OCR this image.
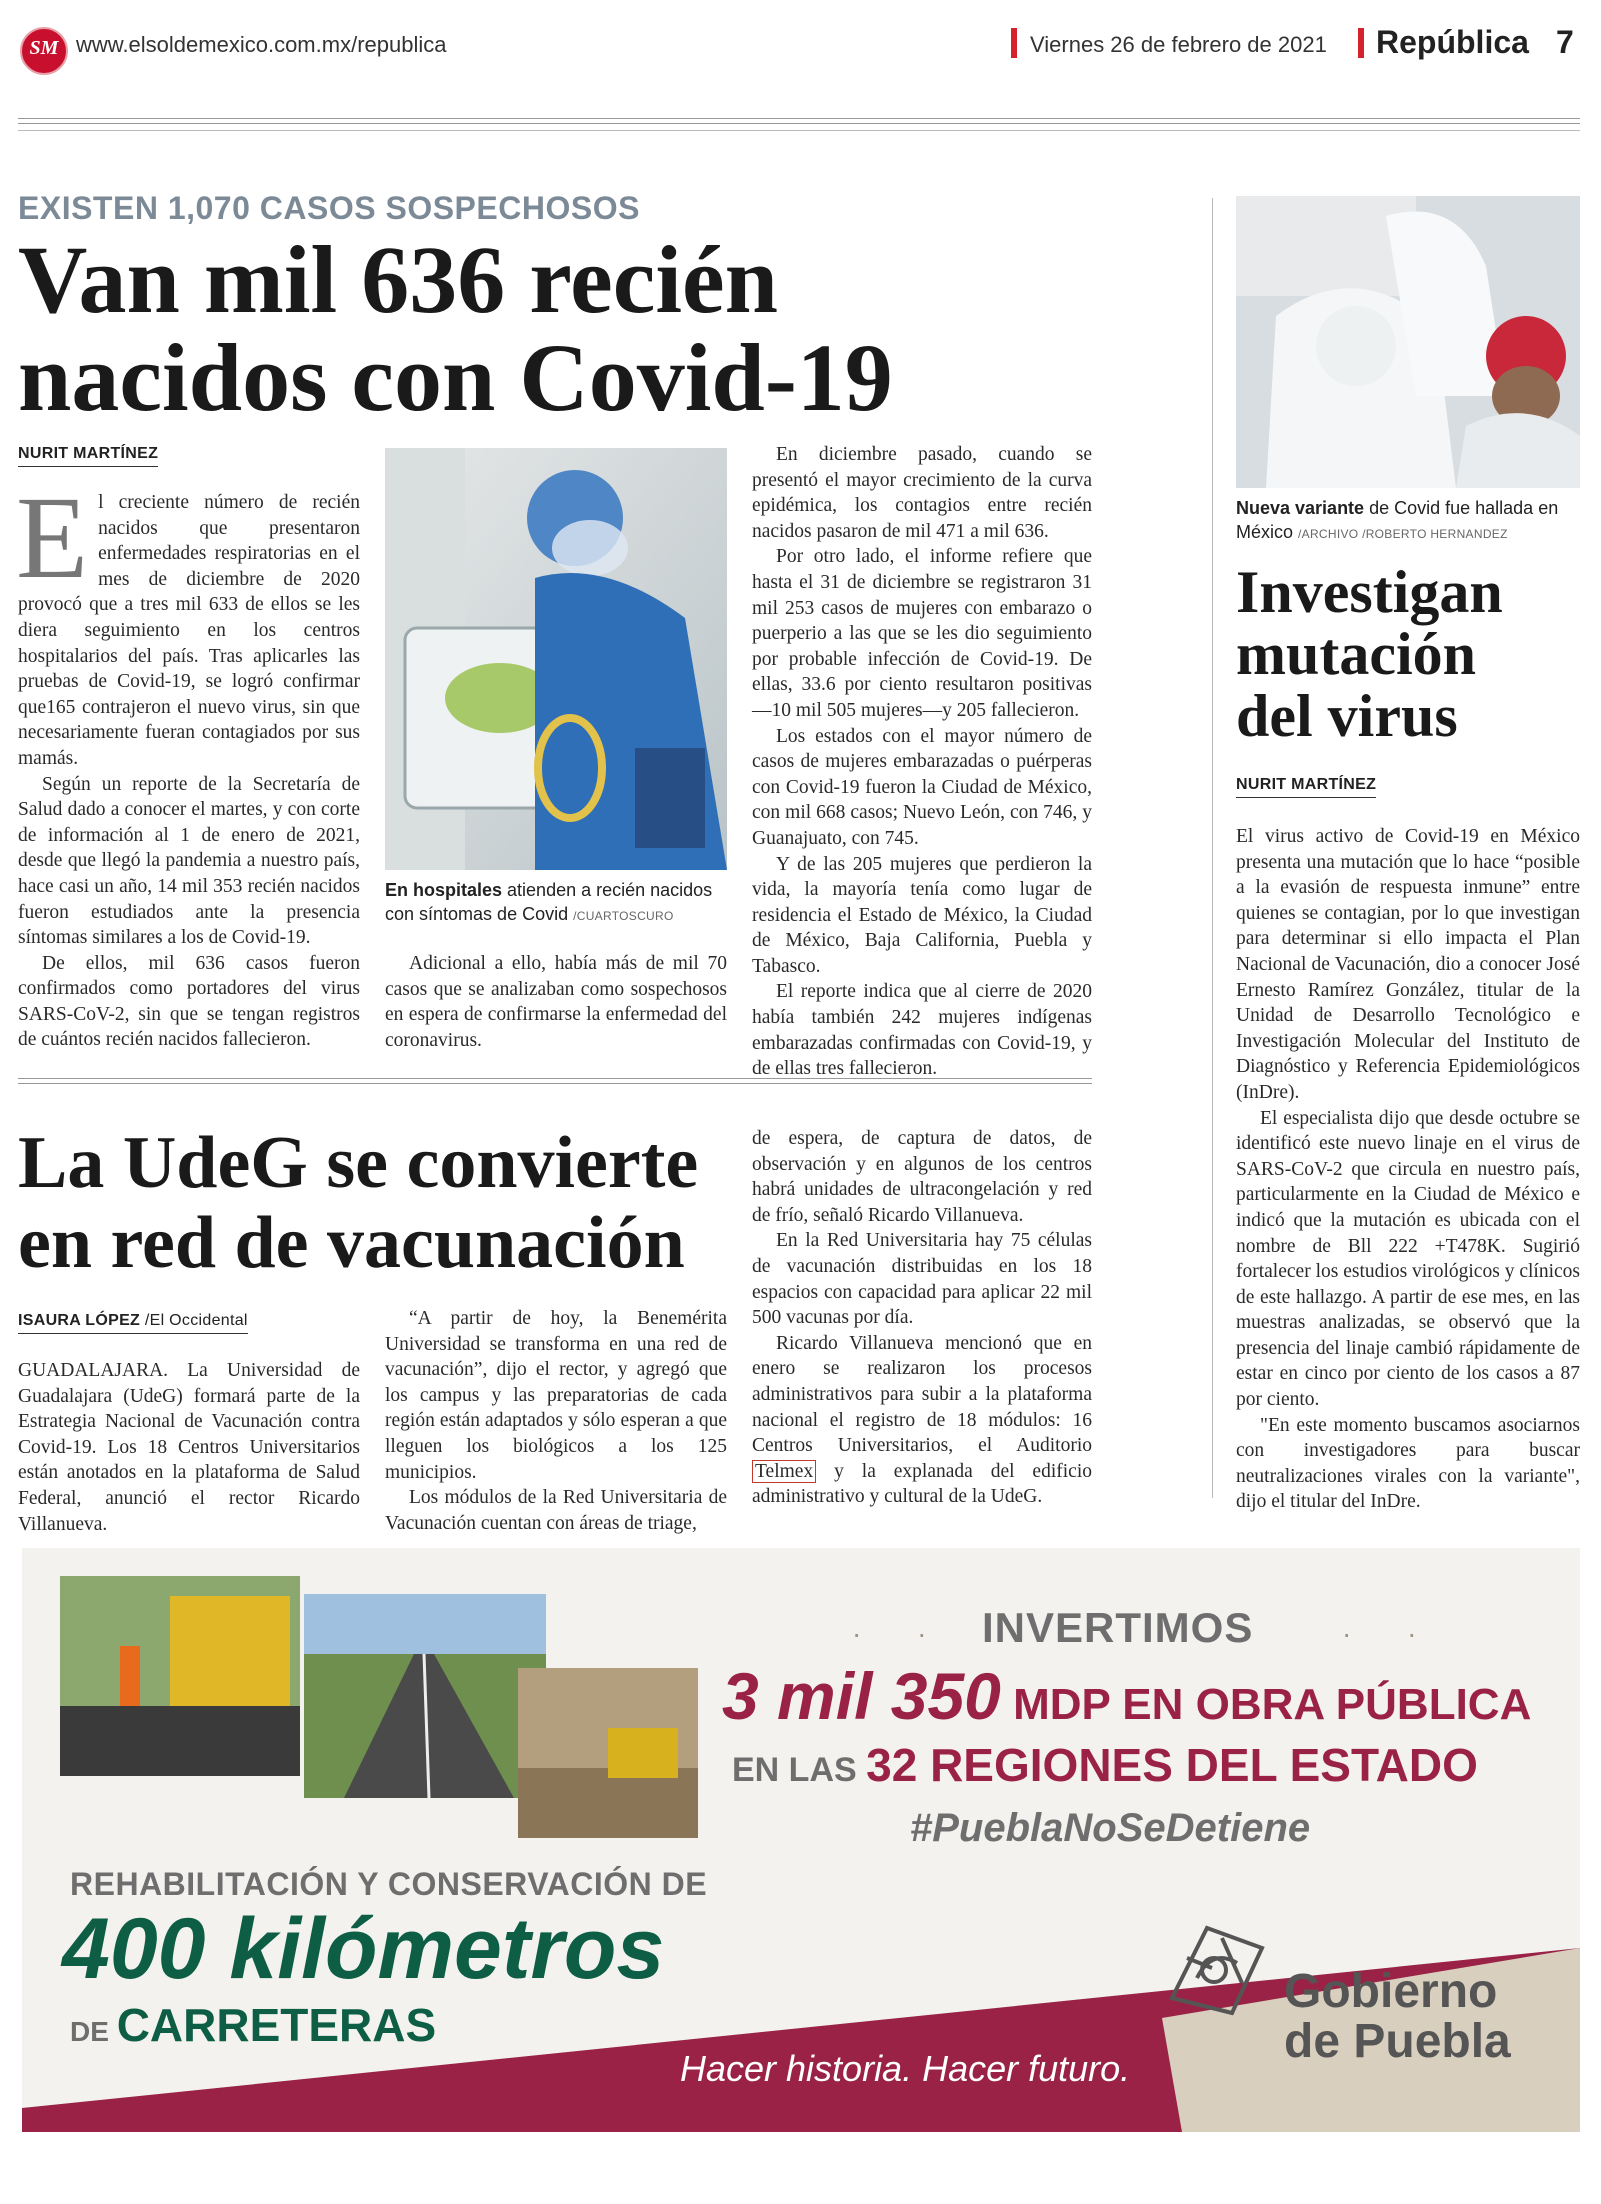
SM www.elsoldemexico.com.mx/republica	Viernes 26 de febrero de 2021 República 7
EXISTEN 1,070 CASOS SOSPECHOSOS
Van mil 636 recién
nacidos con Covid-19
NURIT MARTÍNEZ
E l creciente número de recién nacidos que presentaron enfermedades respiratorias en el mes de diciembre de 2020 provocó que a tres mil 633 de ellos se les diera seguimiento en los centros hospitalarios del país. Tras aplicarles las pruebas de Covid-19, se logró confirmar que165 contrajeron el nuevo virus, sin que necesariamente fueran contagiados por sus mamás.

Según un reporte de la Secretaría de Salud dado a conocer el martes, y con corte de información al 1 de enero de 2021, desde que llegó la pandemia a nuestro país, hace casi un año, 14 mil 353 recién nacidos fueron estudiados ante la presencia síntomas similares a los de Covid-19.

De ellos, mil 636 casos fueron confirmados como portadores del virus SARS-CoV-2, sin que se tengan registros de cuántos recién nacidos fallecieron.

En hospitales atienden a recién nacidos con síntomas de Covid /CUARTOSCURO

Adicional a ello, había más de mil 70 casos que se analizaban como sospechosos en espera de confirmarse la enfermedad del coronavirus.

En diciembre pasado, cuando se presentó el mayor crecimiento de la curva epidémica, los contagios entre recién nacidos pasaron de mil 471 a mil 636.

Por otro lado, el informe refiere que hasta el 31 de diciembre se registraron 31 mil 253 casos de mujeres con embarazo o puerperio a las que se les dio seguimiento por probable infección de Covid-19. De ellas, 33.6 por ciento resultaron positivas —10 mil 505 mujeres—y 205 fallecieron.

Los estados con el mayor número de casos de mujeres embarazadas o puérperas con Covid-19 fueron la Ciudad de México, con mil 668 casos; Nuevo León, con 746, y Guanajuato, con 745.

Y de las 205 mujeres que perdieron la vida, la mayoría tenía como lugar de residencia el Estado de México, la Ciudad de México, Baja California, Puebla y Tabasco.

El reporte indica que al cierre de 2020 había también 242 mujeres indígenas embarazadas confirmadas con Covid-19, y de ellas tres fallecieron.

La UdeG se convierte
en red de vacunación
ISAURA LÓPEZ /El Occidental

GUADALAJARA. La Universidad de Guadalajara (UdeG) formará parte de la Estrategia Nacional de Vacunación contra Covid-19. Los 18 Centros Universitarios están anotados en la plataforma de Salud Federal, anunció el rector Ricardo Villanueva.

“A partir de hoy, la Benemérita Universidad se transforma en una red de vacunación”, dijo el rector, y agregó que los campus y las preparatorias de cada región están adaptados y sólo esperan a que lleguen los biológicos a los 125 municipios.

Los módulos de la Red Universitaria de Vacunación cuentan con áreas de triage,

de espera, de captura de datos, de observación y en algunos de los centros habrá unidades de ultracongelación y red de frío, señaló Ricardo Villanueva.

En la Red Universitaria hay 75 células de vacunación distribuidas en los 18 espacios con capacidad para aplicar 22 mil 500 vacunas por día.

Ricardo Villanueva mencionó que en enero se realizaron los procesos administrativos para subir a la plataforma nacional el registro de 18 módulos: 16 Centros Universitarios, el Auditorio Telmex y la explanada del edificio administrativo y cultural de la UdeG.

Nueva variante de Covid fue hallada en México /ARCHIVO /ROBERTO HERNANDEZ
Investigan
mutación
del virus
NURIT MARTÍNEZ

El virus activo de Covid-19 en México presenta una mutación que lo hace “posible a la evasión de respuesta inmune” entre quienes se contagian, por lo que investigan para determinar si ello impacta el Plan Nacional de Vacunación, dio a conocer José Ernesto Ramírez González, titular de la Unidad de Desarrollo Tecnológico e Investigación Molecular del Instituto de Diagnóstico y Referencia Epidemiológicos (InDre).

El especialista dijo que desde octubre se identificó este nuevo linaje en el virus de SARS-CoV-2 que circula en nuestro país, particularmente en la Ciudad de México e indicó que la mutación es ubicada con el nombre de Bll 222 +T478K. Sugirió fortalecer los estudios virológicos y clínicos de este hallazgo. A partir de ese mes, en las muestras analizadas, se observó que la presencia del linaje cambió rápidamente de estar en cinco por ciento de los casos a 87 por ciento.

"En este momento buscamos asociarnos con investigadores para buscar neutralizaciones virales con la variante", dijo el titular del InDre.

· · INVERTIMOS	· ·
3 mil 350 MDP EN OBRA PÚBLICA
EN LAS 32 REGIONES DEL ESTADO
#PueblaNoSeDetiene
REHABILITACIÓN Y CONSERVACIÓN DE
400 kilómetros
DE CARRETERAS
Hacer historia. Hacer futuro.
Gobierno
de Puebla
